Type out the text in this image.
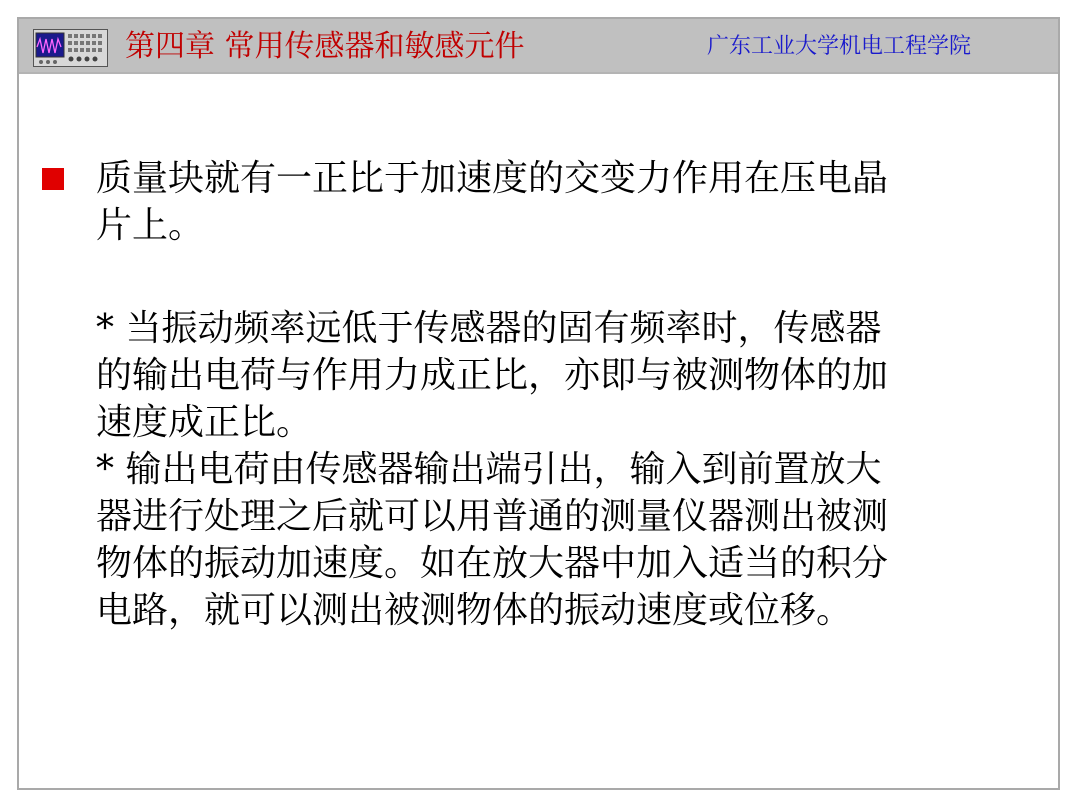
第四章 常用传感器和敏感元件	广东工业大学机电工程学院
质量块就有一正比于加速度的交变力作用在压电晶
片上。
* 当振动频率远低于传感器的固有频率时，传感器
的输出电荷与作用力成正比，亦即与被测物体的加
速度成正比。
* 输出电荷由传感器输出端引出，输入到前置放大
器进行处理之后就可以用普通的测量仪器测出被测
物体的振动加速度。如在放大器中加入适当的积分
电路，就可以测出被测物体的振动速度或位移。
